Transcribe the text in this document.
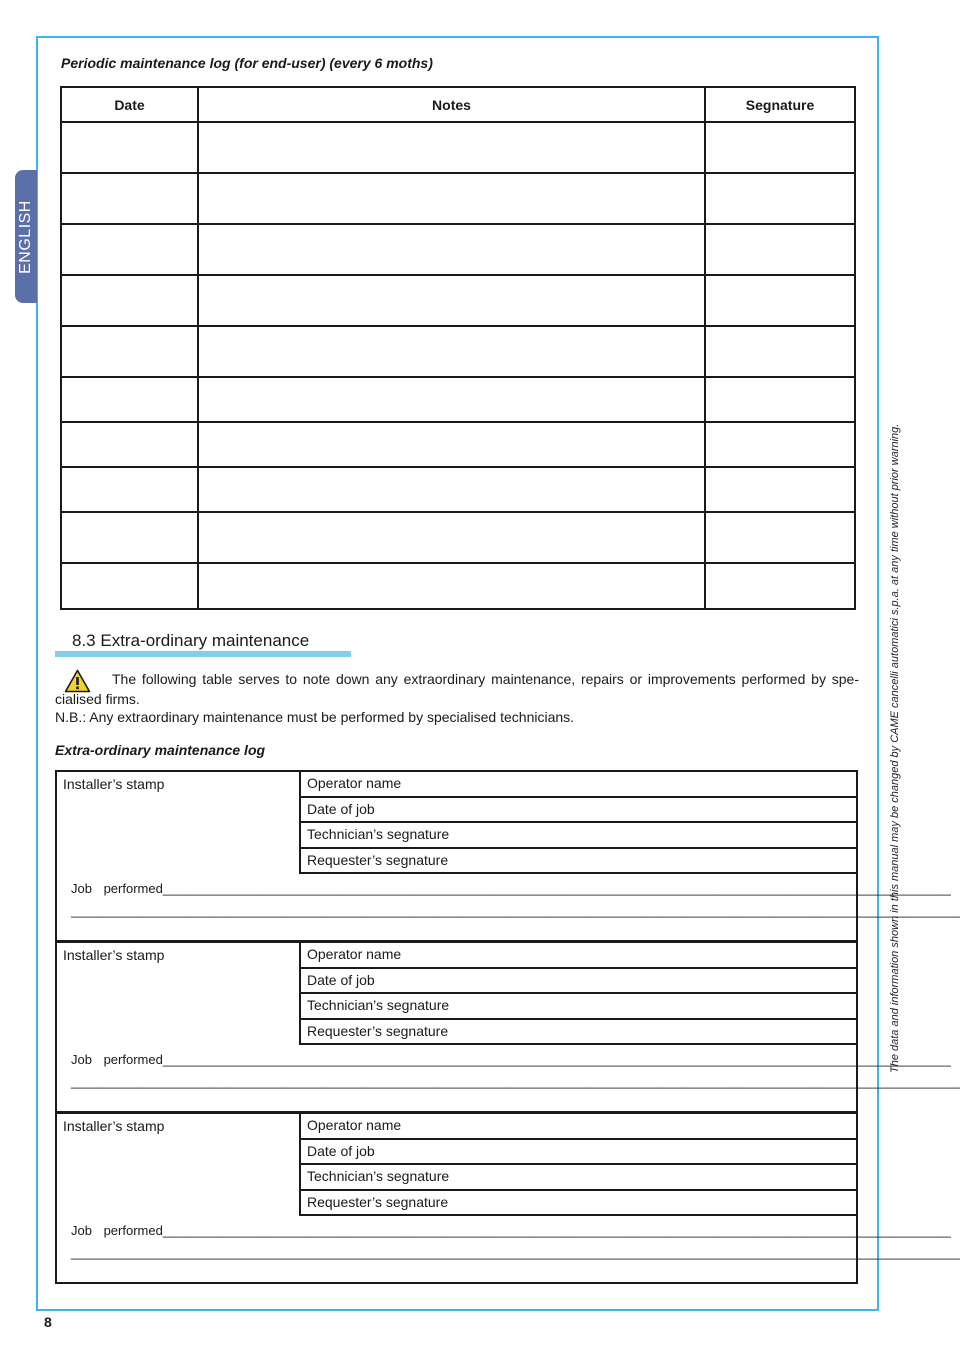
ENGLISH
The data and information shown in this manual may be changed by CAME cancelli automatici s.p.a. at any time without prior warning.
Periodic maintenance log (for end-user) (every 6 moths)
Date	Notes	Segnature

8.3 Extra-ordinary maintenance
The following table serves to note down any extraordinary maintenance, repairs or improvements performed by spe-cialised firms.
N.B.: Any extraordinary maintenance must be performed by specialised technicians.
Extra-ordinary maintenance log
Installer’s stamp	Operator name
Date of job
Technician’s segnature
Requester’s segnature
Job performed_____________________________________________________________________________________________________________
___________________________________________________________________________________________________________________________
Installer’s stamp	Operator name
Date of job
Technician’s segnature
Requester’s segnature
Job performed_____________________________________________________________________________________________________________
___________________________________________________________________________________________________________________________
Installer’s stamp	Operator name
Date of job
Technician’s segnature
Requester’s segnature
Job performed_____________________________________________________________________________________________________________
___________________________________________________________________________________________________________________________
8
